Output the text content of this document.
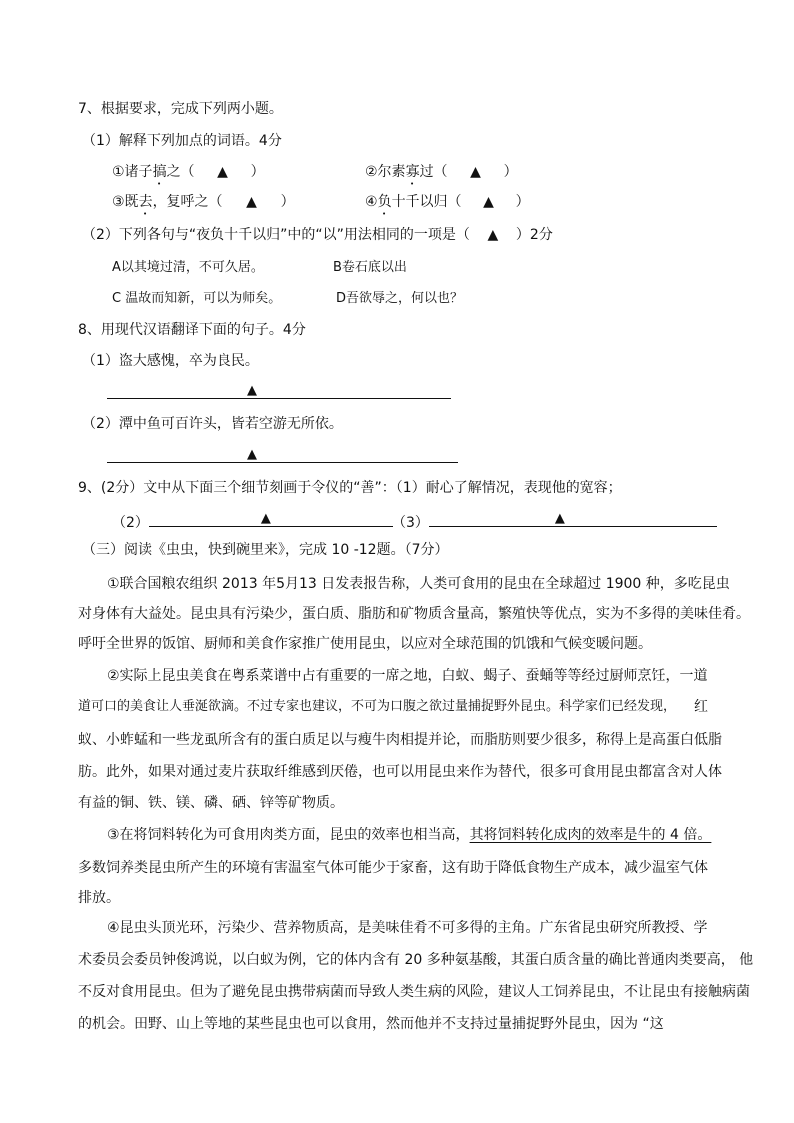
7、根据要求，完成下列两小题。
（1）解释下列加点的词语。4分
①诸子搞之（ ▲ ）	②尔素寡过（ ▲ ）
③既去，复呼之（ ▲ ）	④负十千以归（ ▲ ）
（2）下列各句与“夜负十千以归”中的“以”用法相同的一项是（ ▲ ）2分
A以其境过清，不可久居。	B卷石底以出
C 温故而知新，可以为师矣。	D吾欲辱之，何以也？
8、用现代汉语翻译下面的句子。4分
（1）盗大感愧，卒为良民。
▲
（2）潭中鱼可百许头，皆若空游无所依。
▲
9、(2分）文中从下面三个细节刻画于令仪的“善”：（1）耐心了解情况，表现他的宽容；
（2）	▲	（3）	▲
（三）阅读《虫虫，快到碗里来》，完成 10 -12题。（7分）
①联合国粮农组织 2013 年5月13 日发表报告称，人类可食用的昆虫在全球超过 1900 种，多吃昆虫
对身体有大益处。昆虫具有污染少，蛋白质、脂肪和矿物质含量高，繁殖快等优点，实为不多得的美味佳肴。
呼吁全世界的饭馆、厨师和美食作家推广使用昆虫，以应对全球范围的饥饿和气候变暖问题。
②实际上昆虫美食在粤系菜谱中占有重要的一席之地，白蚁、蝎子、蚕蛹等等经过厨师烹饪，一道
道可口的美食让人垂涎欲滴。不过专家也建议，不可为口腹之欲过量捕捉野外昆虫。科学家们已经发现， 红
蚁、小蚱蜢和一些龙虱所含有的蛋白质足以与瘦牛肉相提并论，而脂肪则要少很多，称得上是高蛋白低脂
肪。此外，如果对通过麦片获取纤维感到厌倦，也可以用昆虫来作为替代，很多可食用昆虫都富含对人体
有益的铜、铁、镁、磷、硒、锌等矿物质。
③在将饲料转化为可食用肉类方面，昆虫的效率也相当高，其将饲料转化成肉的效率是牛的 4 倍。
多数饲养类昆虫所产生的环境有害温室气体可能少于家畜，这有助于降低食物生产成本，减少温室气体
排放。
④昆虫头顶光环，污染少、营养物质高，是美味佳肴不可多得的主角。广东省昆虫研究所教授、学
术委员会委员钟俊鸿说，以白蚁为例，它的体内含有 20 多种氨基酸，其蛋白质含量的确比普通肉类要高， 他
不反对食用昆虫。但为了避免昆虫携带病菌而导致人类生病的风险，建议人工饲养昆虫，不让昆虫有接触病菌
的机会。田野、山上等地的某些昆虫也可以食用，然而他并不支持过量捕捉野外昆虫，因为 “这
